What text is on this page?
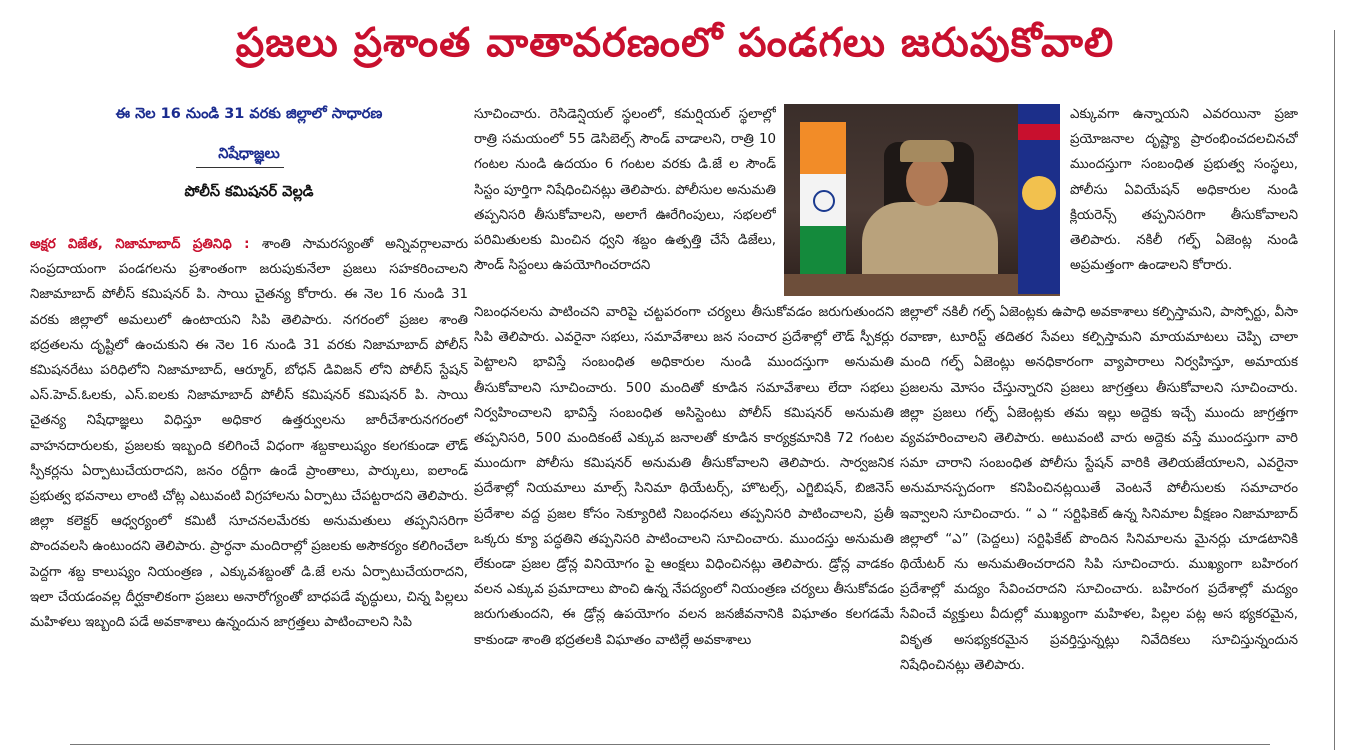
ప్రజలు ప్రశాంత వాతావరణంలో పండగలు జరుపుకోవాలి
ఈ నెల 16 నుండి 31 వరకు జిల్లాలో సాధారణ
నిషేధాజ్ఞలు
పోలీస్ కమిషనర్ వెల్లడి

అక్షర విజేత, నిజామాబాద్ ప్రతినిధి : శాంతి సామరస్యంతో అన్నివర్గాలవారు సంప్రదాయంగా పండగలను ప్రశాంతంగా జరుపుకునేలా ప్రజలు సహకరించాలని నిజామాబాద్ పోలీస్ కమిషనర్ పి. సాయి చైతన్య కోరారు. ఈ నెల 16 నుండి 31 వరకు జిల్లాలో అమలులో ఉంటాయని సిపి తెలిపారు. నగరంలో ప్రజల శాంతి భద్రతలను దృష్టిలో ఉంచుకుని ఈ నెల 16 నుండి 31 వరకు నిజామాబాద్ పోలీస్ కమిషనరేటు పరిధిలోని నిజామాబాద్, ఆర్మూర్, బోధన్ డివిజన్ లోని పోలీస్ స్టేషన్ ఎస్.హెచ్.ఓలకు, ఎస్.ఐలకు నిజామాబాద్ పోలీస్ కమిషనర్ కమిషనర్ పి. సాయి చైతన్య నిషేధాజ్ఞలు విధిస్తూ అధికార ఉత్తర్వులను జారీచేశారునగరంలో వాహనదారులకు, ప్రజలకు ఇబ్బంది కలిగించే విధంగా శబ్దకాలుష్యం కలగకుండా లౌడ్ స్పీకర్లను ఏర్పాటుచేయరాదని, జనం రద్దీగా ఉండే ప్రాంతాలు, పార్కులు, ఐలాండ్ ప్రభుత్వ భవనాలు లాంటి చోట్ల ఎటువంటి విగ్రహాలను ఏర్పాటు చేపట్టరాదని తెలిపారు. జిల్లా కలెక్టర్ ఆధ్వర్యంలో కమిటీ సూచనలమేరకు అనుమతులు తప్పనిసరిగా పొందవలసి ఉంటుందని తెలిపారు. ప్రార్ధనా మందిరాల్లో ప్రజలకు అసౌకర్యం కలిగించేలా పెద్దగా శబ్ద కాలుష్యం నియంత్రణ , ఎక్కువశబ్దంతో డి.జే లను ఏర్పాటుచేయరాదని, ఇలా చేయడంవల్ల దీర్ఘకాలికంగా ప్రజలు అనారోగ్యంతో బాధపడే వృద్ధులు, చిన్న పిల్లలు మహిళలు ఇబ్బంది పడే అవకాశాలు ఉన్నందున జాగ్రత్తలు పాటించాలని సిపి

సూచించారు. రెసిడెన్షియల్ స్థలంలో, కమర్షియల్ స్థలాల్లో రాత్రి సమయంలో 55 డెసిబెల్స్ సౌండ్ వాడాలని, రాత్రి 10 గంటల నుండి ఉదయం 6 గంటల వరకు డి.జే ల సౌండ్ సిస్టం పూర్తిగా నిషేధించినట్లు తెలిపారు. పోలీసుల అనుమతి తప్పనిసరి తీసుకోవాలని, అలాగే ఊరేగింపులు, సభలలో పరిమితులకు మించిన ధ్వని శబ్దం ఉత్పత్తి చేసే డిజేలు, సౌండ్ సిస్టంలు ఉపయోగించరాదని

నిబంధనలను పాటించని వారిపై చట్టపరంగా చర్యలు తీసుకోవడం జరుగుతుందని సిపి తెలిపారు. ఎవరైనా సభలు, సమావేశాలు జన సంచార ప్రదేశాల్లో లౌడ్ స్పీకర్లు పెట్టాలని భావిస్తే సంబంధిత అధికారుల నుండి ముందస్తుగా అనుమతి తీసుకోవాలని సూచించారు. 500 మందితో కూడిన సమావేశాలు లేదా సభలు నిర్వహించాలని భావిస్తే సంబంధిత అసిస్టెంటు పోలీస్ కమిషనర్ అనుమతి తప్పనిసరి, 500 మందికంటే ఎక్కువ జనాలతో కూడిన కార్యక్రమానికి 72 గంటల ముందుగా పోలీసు కమిషనర్ అనుమతి తీసుకోవాలని తెలిపారు. సార్వజనిక ప్రదేశాల్లో నియమాలు మాల్స్ సినిమా థియేటర్స్, హొటల్స్, ఎగ్జిబిషన్, బిజినెస్ ప్రదేశాల వద్ద ప్రజల కోసం సెక్యూరిటి నిబంధనలు తప్పనిసరి పాటించాలని, ప్రతీ ఒక్కరు క్యూ పద్ధతిని తప్పనిసరి పాటించాలని సూచించారు. ముందస్తు అనుమతి లేకుండా ప్రజల డ్రోన్ల వినియోగం పై ఆంక్షలు విధించినట్లు తెలిపారు. డ్రోన్ల వాడకం వలన ఎక్కువ ప్రమాదాలు పొంచి ఉన్న నేపద్యంలో నియంత్రణ చర్యలు తీసుకోవడం జరుగుతుందని, ఈ డ్రోన్ల ఉపయోగం వలన జనజీవనానికి విఘాతం కలగడమే కాకుండా శాంతి భద్రతలకి విఘాతం వాటిల్లే అవకాశాలు

ఎక్కువగా ఉన్నాయని ఎవరయినా ప్రజా ప్రయోజనాల దృష్ట్యా ప్రారంభించదలచినచో ముందస్తుగా సంబంధిత ప్రభుత్వ సంస్థలు, పోలీసు ఏవియేషన్ అధికారుల నుండి క్లియరెన్స్ తప్పనిసరిగా తీసుకోవాలని తెలిపారు. నకిలీ గల్ఫ్ ఏజెంట్ల నుండి అప్రమత్తంగా ఉండాలని కోరారు.

జిల్లాలో నకిలీ గల్ఫ్ ఏజెంట్లకు ఉపాధి అవకాశాలు కల్పిస్తామని, పాస్పోర్టు, వీసా రవాణా, టూరిస్ట్ తదితర సేవలు కల్పిస్తామని మాయమాటలు చెప్పి చాలా మంది గల్ఫ్ ఏజెంట్లు అనధికారంగా వ్యాపారాలు నిర్వహిస్తూ, అమాయక ప్రజలను మోసం చేస్తున్నారని ప్రజలు జాగ్రత్తలు తీసుకోవాలని సూచించారు. జిల్లా ప్రజలు గల్ఫ్ ఏజెంట్లకు తమ ఇల్లు అద్దెకు ఇచ్చే ముందు జాగ్రత్తగా వ్యవహరించాలని తెలిపారు. అటువంటి వారు అద్దెకు వస్తే ముందస్తుగా వారి సమా చారాని సంబంధిత పోలీసు స్టేషన్ వారికి తెలియజేయాలని, ఎవరైనా అనుమానస్పదంగా కనిపించినట్లయితే వెంటనే పోలీసులకు సమాచారం ఇవ్వాలని సూచించారు. “ ఎ “ సర్టిఫికెట్ ఉన్న సినిమాల వీక్షణం నిజామాబాద్ జిల్లాలో “ఎ” (పెద్దలు) సర్టిఫికేట్ పొందిన సినిమాలను మైనర్లు చూడటానికి థియేటర్ ను అనుమతించరాదని సిపి సూచించారు. ముఖ్యంగా బహిరంగ ప్రదేశాల్లో మద్యం సేవించరాదని సూచించారు. బహిరంగ ప్రదేశాల్లో మద్యం సేవించే వ్యక్తులు వీదుల్లో ముఖ్యంగా మహిళల, పిల్లల పట్ల అస భ్యకరమైన, వికృత అసభ్యకరమైన ప్రవర్తిస్తున్నట్లు నివేదికలు సూచిస్తున్నందున నిషేధించినట్లు తెలిపారు.
